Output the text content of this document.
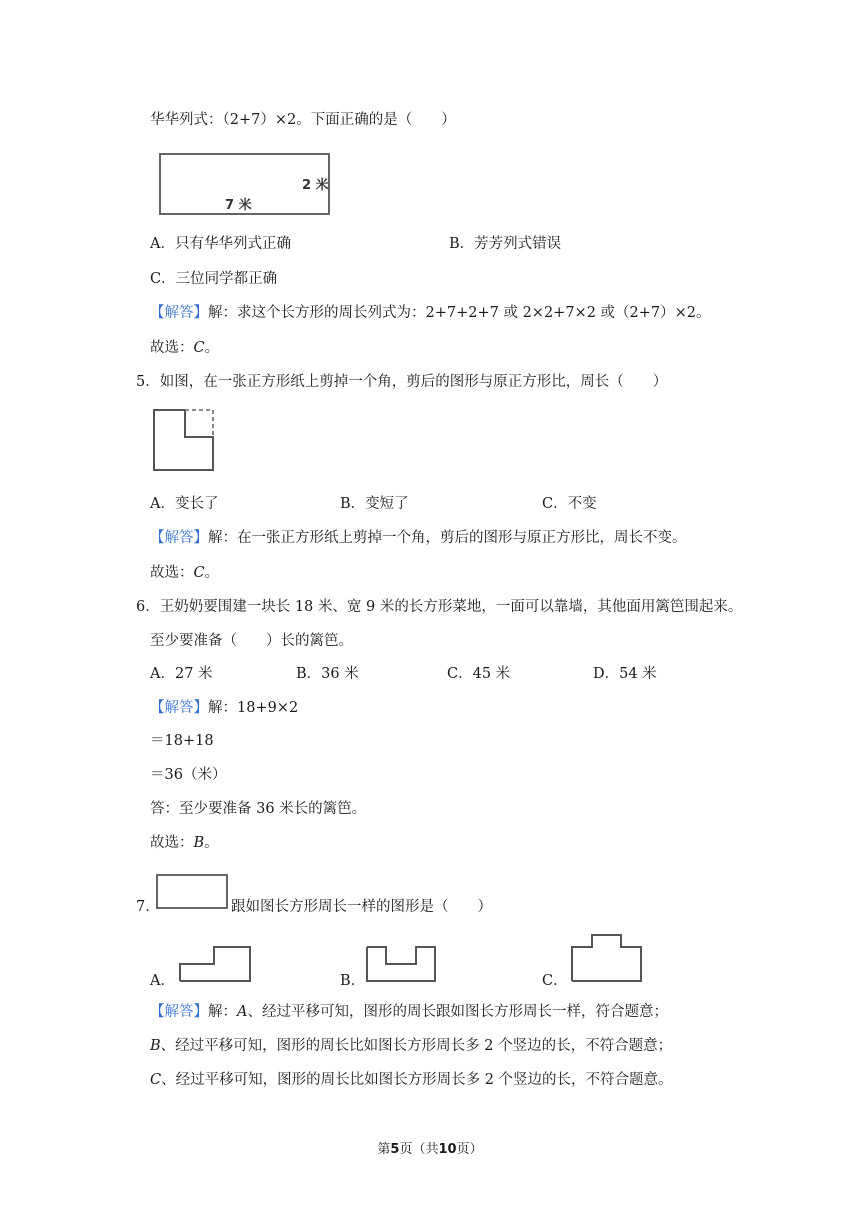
华华列式：（2+7）×2。下面正确的是（　　）
2 米
7 米
A．只有华华列式正确	B．芳芳列式错误
C．三位同学都正确
【解答】解：求这个长方形的周长列式为：2+7+2+7 或 2×2+7×2 或（2+7）×2。
故选：C。
5．如图，在一张正方形纸上剪掉一个角，剪后的图形与原正方形比，周长（　　）
A．变长了	B．变短了	C．不变
【解答】解：在一张正方形纸上剪掉一个角，剪后的图形与原正方形比，周长不变。
故选：C。
6．王奶奶要围建一块长 18 米、宽 9 米的长方形菜地，一面可以靠墙，其他面用篱笆围起来。
至少要准备（　　）长的篱笆。
A．27 米	B．36 米	C．45 米	D．54 米
【解答】解：18+9×2
＝18+18
＝36（米）
答：至少要准备 36 米长的篱笆。
故选：B。
7．	跟如图长方形周长一样的图形是（　　）
A．	B．	C．
【解答】解：A、经过平移可知，图形的周长跟如图长方形周长一样，符合题意；
B、经过平移可知，图形的周长比如图长方形周长多 2 个竖边的长，不符合题意；
C、经过平移可知，图形的周长比如图长方形周长多 2 个竖边的长，不符合题意。
第5页（共10页）
